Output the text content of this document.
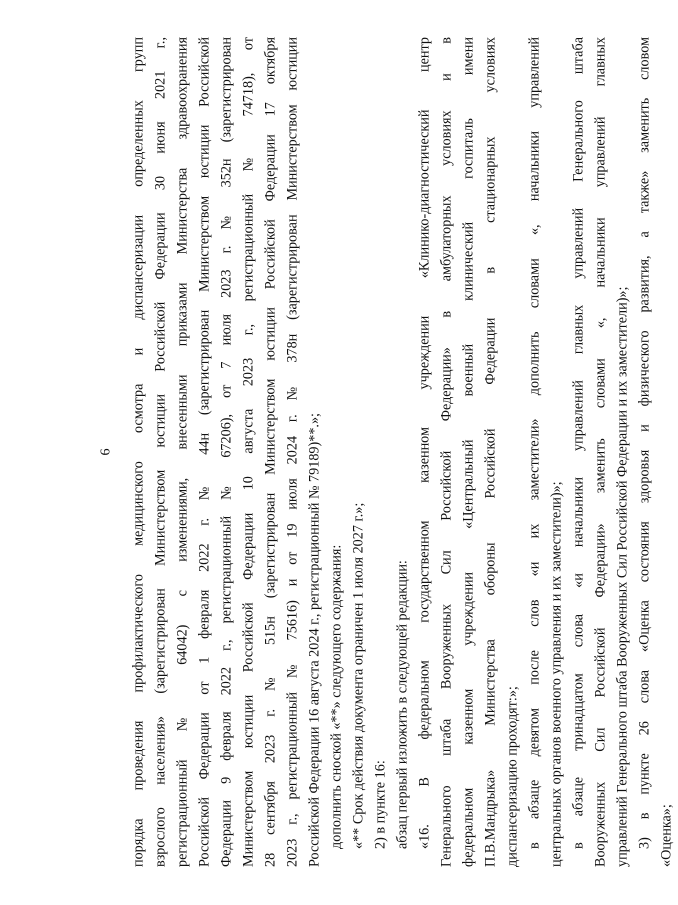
6 порядка проведения профилактического медицинского осмотра и диспансеризации определенных групп взрослого населения» (зарегистрирован Министерством юстиции Российской Федерации 30 июня 2021 г., регистрационный № 64042) с изменениями, внесенными приказами Министерства здравоохранения Российской Федерации от 1 февраля 2022 г. № 44н (зарегистрирован Министерством юстиции Российской Федерации 9 февраля 2022 г., регистрационный № 67206), от 7 июля 2023 г. № 352н (зарегистрирован Министерством юстиции Российской Федерации 10 августа 2023 г., регистрационный № 74718), от 28 сентября 2023 г. № 515н (зарегистрирован Министерством юстиции Российской Федерации 17 октября 2023 г., регистрационный № 75616) и от 19 июля 2024 г. № 378н (зарегистрирован Министерством юстиции Российской Федерации 16 августа 2024 г., регистрационный № 79189)**.»; дополнить сноской «**» следующего содержания: «** Срок действия документа ограничен 1 июля 2027 г.»; 2) в пункте 16: абзац первый изложить в следующей редакции: «16. В федеральном государственном казенном учреждении «Клинико-диагностический центр Генерального штаба Вооруженных Сил Российской Федерации» в амбулаторных условиях и в федеральном казенном учреждении «Центральный военный клинический госпиталь имени П.В.Мандрыка» Министерства обороны Российской Федерации в стационарных условиях диспансеризацию проходят:»; в абзаце девятом после слов «и их заместители» дополнить словами «, начальники управлений центральных органов военного управления и их заместители)»; в абзаце тринадцатом слова «и начальники управлений главных управлений Генерального штаба Вооруженных Сил Российской Федерации» заменить словами «, начальники управлений главных управлений Генерального штаба Вооруженных Сил Российской Федерации и их заместители)»; 3) в пункте 26 слова «Оценка состояния здоровья и физического развития, а также» заменить словом «Оценка»;
